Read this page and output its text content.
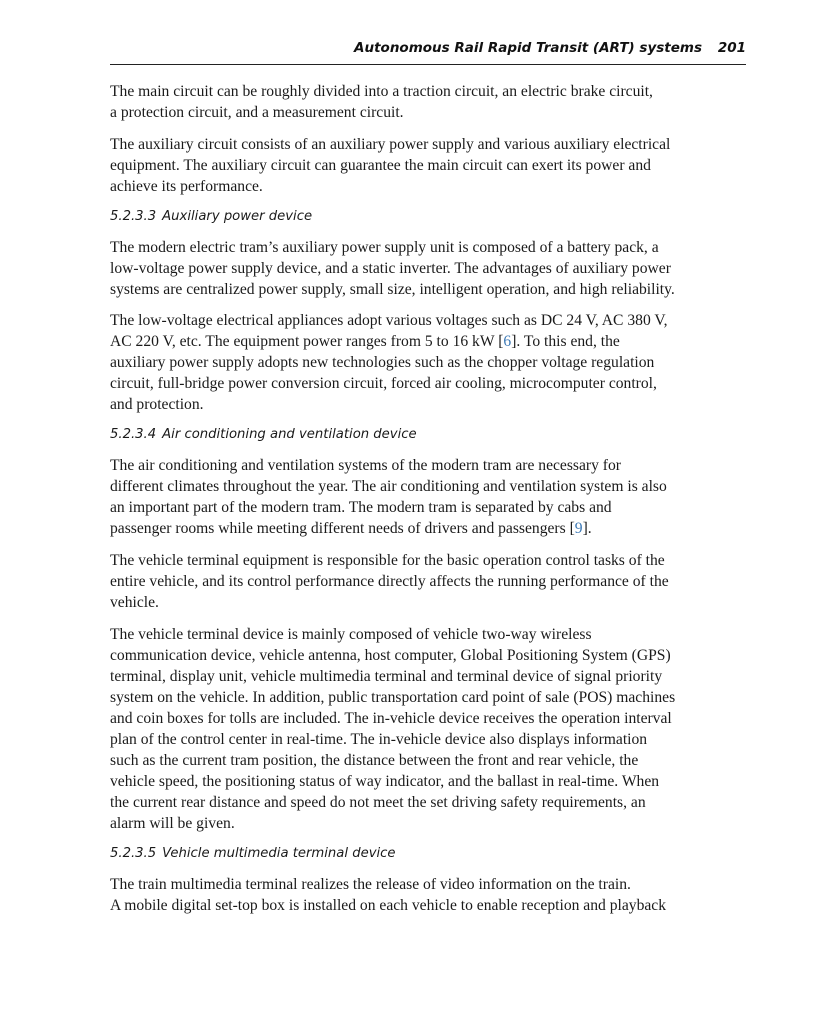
Autonomous Rail Rapid Transit (ART) systems 201
The main circuit can be roughly divided into a traction circuit, an electric brake circuit,
a protection circuit, and a measurement circuit.
The auxiliary circuit consists of an auxiliary power supply and various auxiliary electrical
equipment. The auxiliary circuit can guarantee the main circuit can exert its power and
achieve its performance.
5.2.3.3 Auxiliary power device
The modern electric tram’s auxiliary power supply unit is composed of a battery pack, a
low-voltage power supply device, and a static inverter. The advantages of auxiliary power
systems are centralized power supply, small size, intelligent operation, and high reliability.
The low-voltage electrical appliances adopt various voltages such as DC 24 V, AC 380 V,
AC 220 V, etc. The equipment power ranges from 5 to 16 kW [6]. To this end, the
auxiliary power supply adopts new technologies such as the chopper voltage regulation
circuit, full-bridge power conversion circuit, forced air cooling, microcomputer control,
and protection.
5.2.3.4 Air conditioning and ventilation device
The air conditioning and ventilation systems of the modern tram are necessary for
different climates throughout the year. The air conditioning and ventilation system is also
an important part of the modern tram. The modern tram is separated by cabs and
passenger rooms while meeting different needs of drivers and passengers [9].
The vehicle terminal equipment is responsible for the basic operation control tasks of the
entire vehicle, and its control performance directly affects the running performance of the
vehicle.
The vehicle terminal device is mainly composed of vehicle two-way wireless
communication device, vehicle antenna, host computer, Global Positioning System (GPS)
terminal, display unit, vehicle multimedia terminal and terminal device of signal priority
system on the vehicle. In addition, public transportation card point of sale (POS) machines
and coin boxes for tolls are included. The in-vehicle device receives the operation interval
plan of the control center in real-time. The in-vehicle device also displays information
such as the current tram position, the distance between the front and rear vehicle, the
vehicle speed, the positioning status of way indicator, and the ballast in real-time. When
the current rear distance and speed do not meet the set driving safety requirements, an
alarm will be given.
5.2.3.5 Vehicle multimedia terminal device
The train multimedia terminal realizes the release of video information on the train.
A mobile digital set-top box is installed on each vehicle to enable reception and playback
